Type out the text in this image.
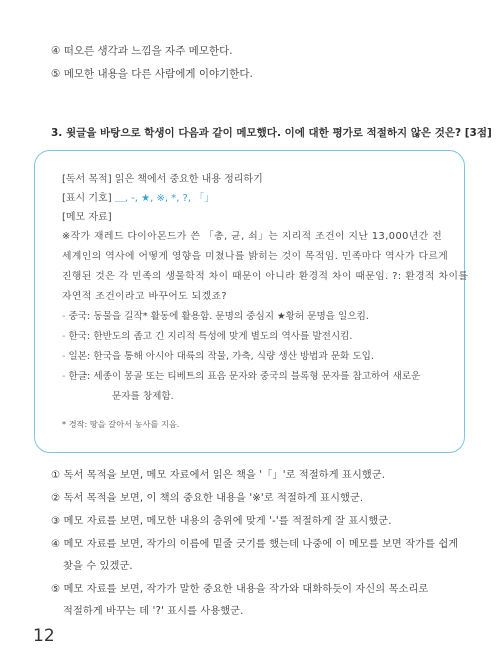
④ 떠오른 생각과 느낌을 자주 메모한다.
⑤ 메모한 내용을 다른 사람에게 이야기한다.
3. 윗글을 바탕으로 학생이 다음과 같이 메모했다. 이에 대한 평가로 적절하지 않은 것은? [3점]
[독서 목적] 읽은 책에서 중요한 내용 정리하기
[표시 기호] ＿, -, ★, ※, *, ?, 「」
[메모 자료]
※작가 재레드 다이아몬드가 쓴 「총, 균, 쇠」는 지리적 조건이 지난 13,000년간 전
세계인의 역사에 어떻게 영향을 미쳤나를 밝히는 것이 목적임. 민족마다 역사가 다르게
진행된 것은 각 민족의 생물학적 차이 때문이 아니라 환경적 차이 때문임. ?: 환경적 차이를
자연적 조건이라고 바꾸어도 되겠죠?
- 중국: 동물을 길작* 활동에 활용함. 문명의 중심지 ★황허 문명을 일으킴.
- 한국: 한반도의 좁고 긴 지리적 특성에 맞게 별도의 역사를 발전시킴.
- 일본: 한국을 통해 아시아 대륙의 작물, 가축, 식량 생산 방법과 문화 도입.
- 한글: 세종이 몽골 또는 티베트의 표음 문자와 중국의 블록형 문자를 참고하여 새로운
문자를 창제함.
* 경작: 땅을 갈아서 농사를 지음.
① 독서 목적을 보면, 메모 자료에서 읽은 책을 '「」'로 적절하게 표시했군.
② 독서 목적을 보면, 이 책의 중요한 내용을 '※'로 적절하게 표시했군.
③ 메모 자료를 보면, 메모한 내용의 층위에 맞게 '-'를 적절하게 잘 표시했군.
④ 메모 자료를 보면, 작가의 이름에 밑줄 긋기를 했는데 나중에 이 메모를 보면 작가를 쉽게
찾을 수 있겠군.
⑤ 메모 자료를 보면, 작가가 말한 중요한 내용을 작가와 대화하듯이 자신의 목소리로
적절하게 바꾸는 데 '?' 표시를 사용했군.
12
